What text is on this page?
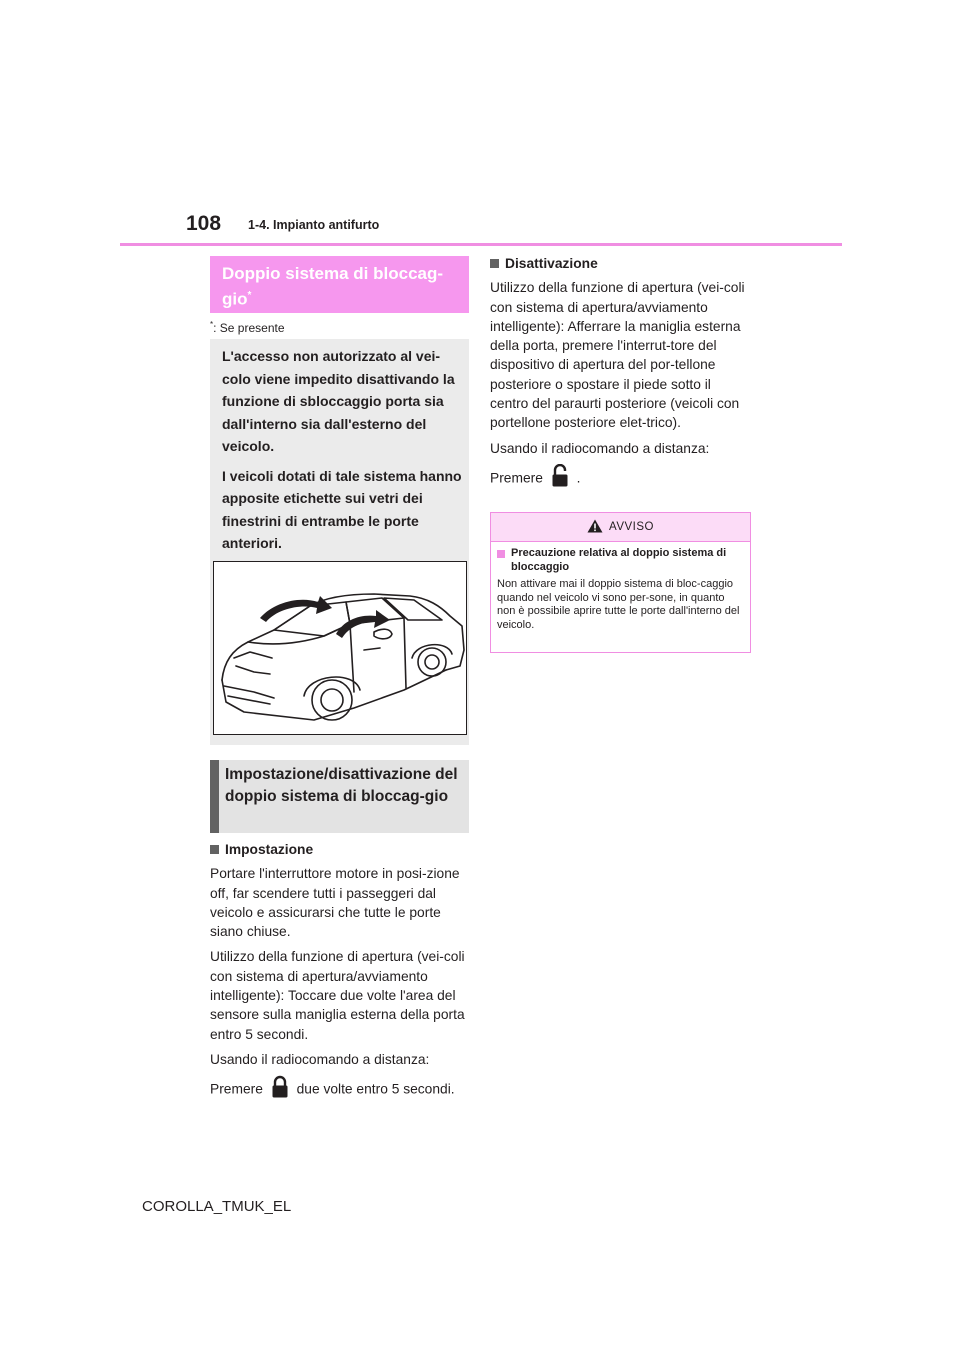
108 1-4. Impianto antifurto
Doppio sistema di bloccag-gio*
*: Se presente

L'accesso non autorizzato al vei-colo viene impedito disattivando la funzione di sbloccaggio porta sia dall'interno sia dall'esterno del veicolo.

I veicoli dotati di tale sistema hanno apposite etichette sui vetri dei finestrini di entrambe le porte anteriori.

Impostazione/disattivazione del doppio sistema di bloccag-gio

Impostazione

Portare l'interruttore motore in posi-zione off, far scendere tutti i passeggeri dal veicolo e assicurarsi che tutte le porte siano chiuse.

Utilizzo della funzione di apertura (vei-coli con sistema di apertura/avviamento intelligente): Toccare due volte l'area del sensore sulla maniglia esterna della porta entro 5 secondi.

Usando il radiocomando a distanza:

Premere due volte entro 5 secondi.

Disattivazione

Utilizzo della funzione di apertura (vei-coli con sistema di apertura/avviamento intelligente): Afferrare la maniglia esterna della porta, premere l'interrut-tore del dispositivo di apertura del por-tellone posteriore o spostare il piede sotto il centro del paraurti posteriore (veicoli con portellone posteriore elet-trico).

Usando il radiocomando a distanza:

Premere .

AVVISO
Precauzione relativa al doppio sistema di bloccaggio
Non attivare mai il doppio sistema di bloc-caggio quando nel veicolo vi sono per-sone, in quanto non è possibile aprire tutte le porte dall'interno del veicolo.
COROLLA_TMUK_EL
